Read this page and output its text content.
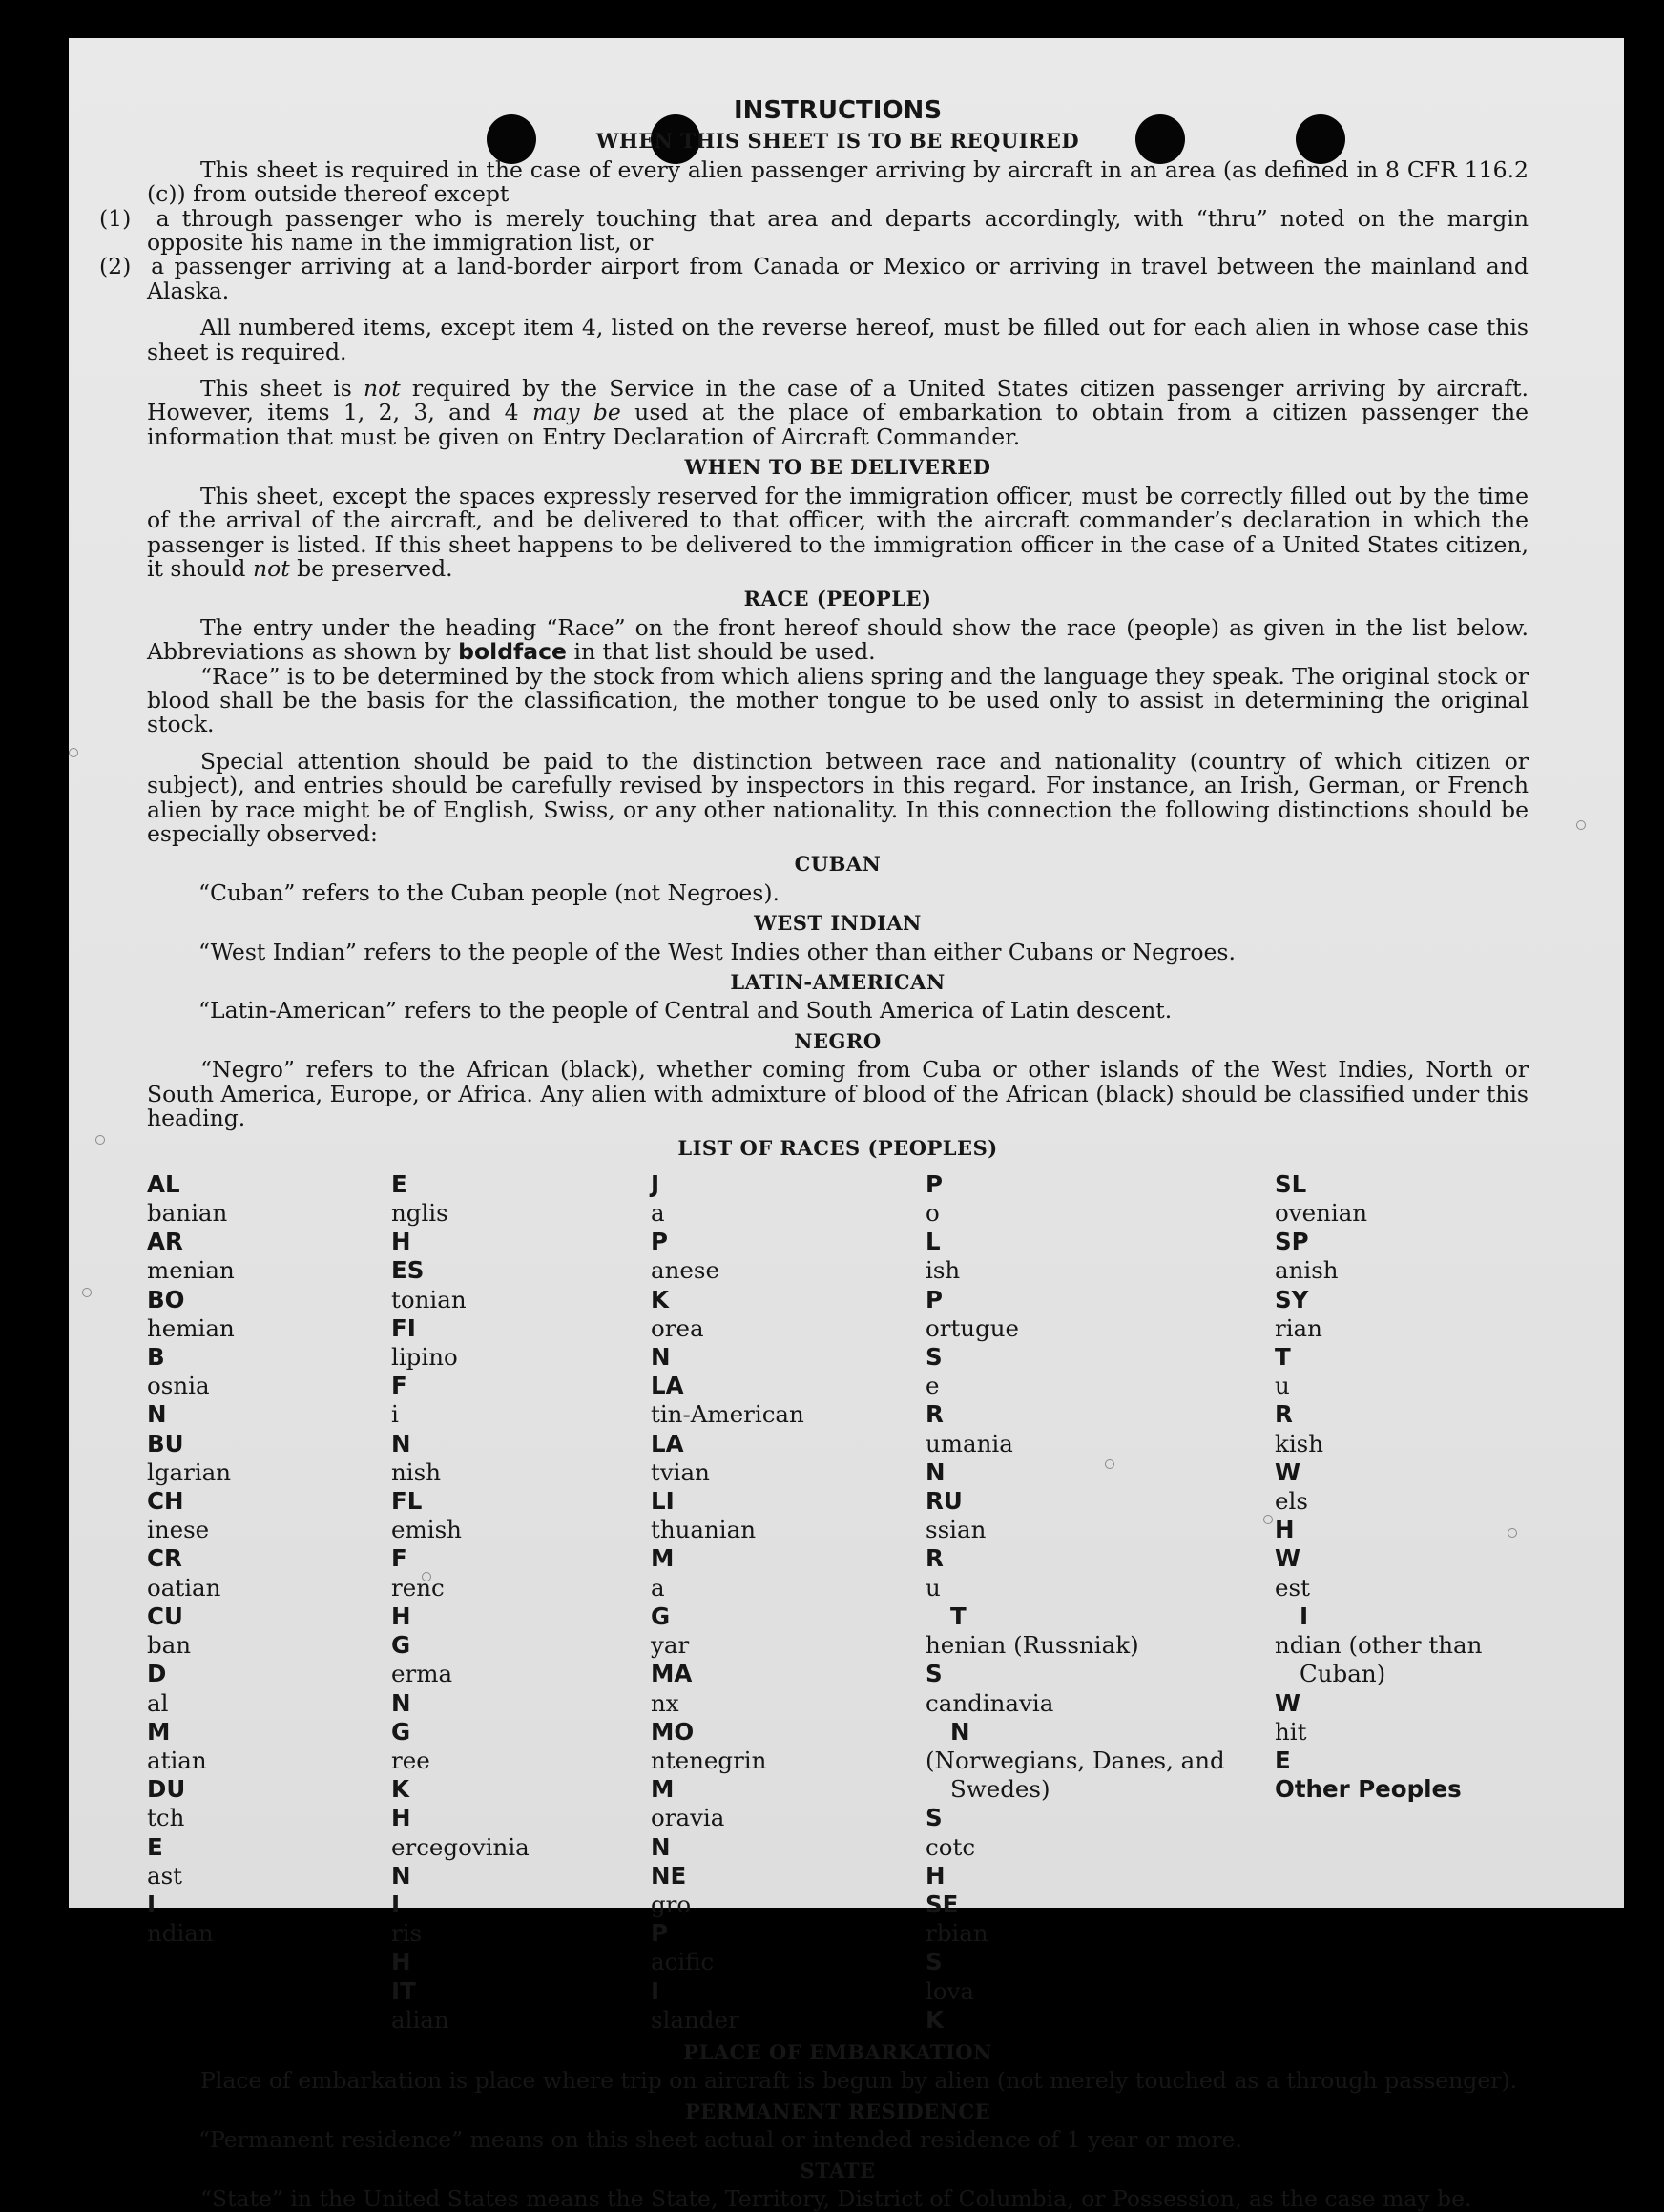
INSTRUCTIONS
WHEN THIS SHEET IS TO BE REQUIRED

This sheet is required in the case of every alien passenger arriving by aircraft in an area (as defined in 8 CFR 116.2 (c)) from outside thereof except

(1) a through passenger who is merely touching that area and departs accordingly, with “thru” noted on the margin opposite his name in the immigration list, or

(2) a passenger arriving at a land-border airport from Canada or Mexico or arriving in travel between the mainland and Alaska.

All numbered items, except item 4, listed on the reverse hereof, must be filled out for each alien in whose case this sheet is required.

This sheet is not required by the Service in the case of a United States citizen passenger arriving by aircraft. However, items 1, 2, 3, and 4 may be used at the place of embarkation to obtain from a citizen passenger the information that must be given on Entry Declaration of Aircraft Commander.

WHEN TO BE DELIVERED

This sheet, except the spaces expressly reserved for the immigration officer, must be correctly filled out by the time of the arrival of the aircraft, and be delivered to that officer, with the aircraft commander’s declaration in which the passenger is listed. If this sheet happens to be delivered to the immigration officer in the case of a United States citizen, it should not be preserved.

RACE (PEOPLE)

The entry under the heading “Race” on the front hereof should show the race (people) as given in the list below. Abbreviations as shown by boldface in that list should be used.

“Race” is to be determined by the stock from which aliens spring and the language they speak. The original stock or blood shall be the basis for the classification, the mother tongue to be used only to assist in determining the original stock.

Special attention should be paid to the distinction between race and nationality (country of which citizen or subject), and entries should be carefully revised by inspectors in this regard. For instance, an Irish, German, or French alien by race might be of English, Swiss, or any other nationality. In this connection the following distinctions should be especially observed:

CUBAN

“Cuban” refers to the Cuban people (not Negroes).

WEST INDIAN

“West Indian” refers to the people of the West Indies other than either Cubans or Negroes.

LATIN-AMERICAN

“Latin-American” refers to the people of Central and South America of Latin descent.

NEGRO

“Negro” refers to the African (black), whether coming from Cuba or other islands of the West Indies, North or South America, Europe, or Africa. Any alien with admixture of blood of the African (black) should be classified under this heading.

LIST OF RACES (PEOPLES)
AL
banian
AR
menian
BO
hemian
B
osnia
N
BU
lgarian
CH
inese
CR
oatian
CU
ban
D
al
M
atian
DU
tch
E
ast
I
ndian
E
nglis
H
ES
tonian
FI
lipino
F
i
N
nish
FL
emish
F
renc
H
G
erma
N
G
ree
K
H
ercegovinia
N
I
ris
H
IT
alian
J
a
P
anese
K
orea
N
LA
tin-American
LA
tvian
LI
thuanian
M
a
G
yar
MA
nx
MO
ntenegrin
M
oravia
N
NE
gro
P
acific
I
slander
P
o
L
ish
P
ortugue
S
e
R
umania
N
RU
ssian
R
u
T
henian (Russniak)
S
candinavia
N
(Norwegians, Danes, and Swedes)
S
cotc
H
SE
rbian
S
lova
K
SL
ovenian
SP
anish
SY
rian
T
u
R
kish
W
els
H
W
est
I
ndian (other than Cuban)
W
hit
E
Other Peoples
PLACE OF EMBARKATION

Place of embarkation is place where trip on aircraft is begun by alien (not merely touched as a through passenger).

PERMANENT RESIDENCE

“Permanent residence” means on this sheet actual or intended residence of 1 year or more.

STATE

“State” in the United States means the State, Territory, District of Columbia, or Possession, as the case may be.
